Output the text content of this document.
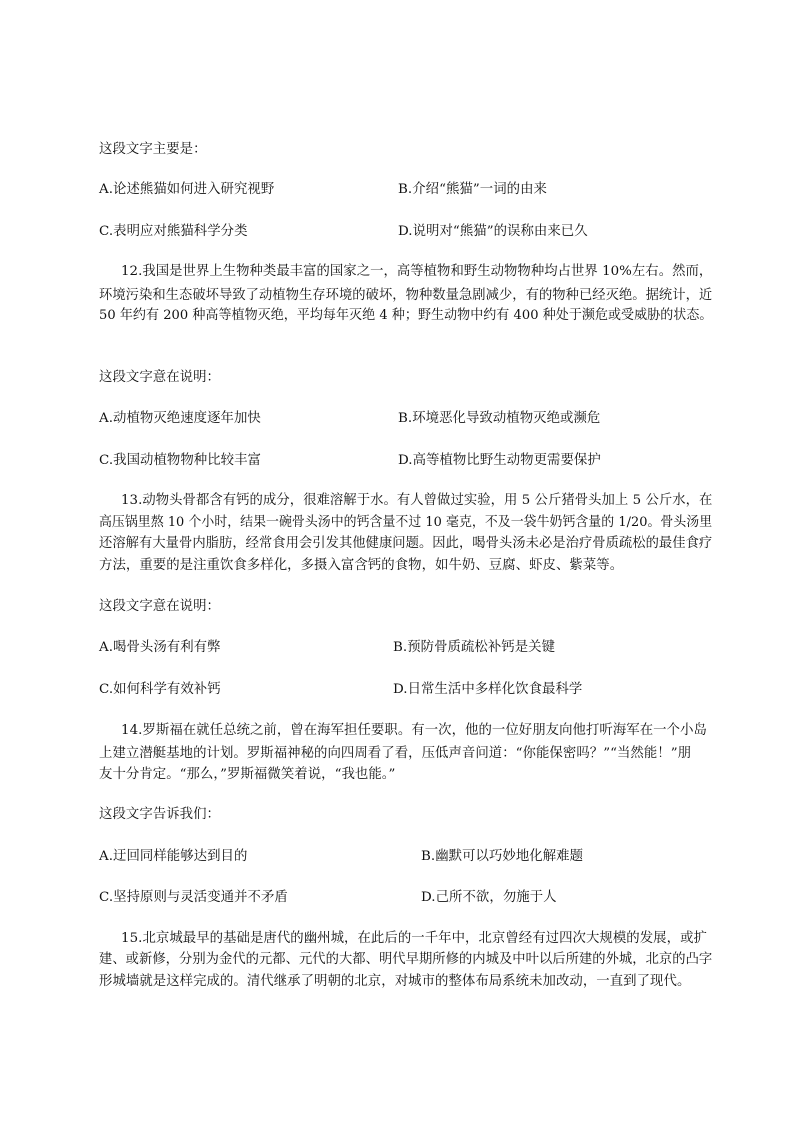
这段文字主要是：
A.论述熊猫如何进入研究视野	B.介绍“熊猫”一词的由来
C.表明应对熊猫科学分类	D.说明对“熊猫”的误称由来已久
12.我国是世界上生物种类最丰富的国家之一，高等植物和野生动物物种均占世界 10%左右。然而，
环境污染和生态破坏导致了动植物生存环境的破坏，物种数量急剧减少，有的物种已经灭绝。据统计，近
50 年约有 200 种高等植物灭绝，平均每年灭绝 4 种；野生动物中约有 400 种处于濒危或受威胁的状态。
这段文字意在说明：
A.动植物灭绝速度逐年加快	B.环境恶化导致动植物灭绝或濒危
C.我国动植物物种比较丰富	D.高等植物比野生动物更需要保护
13.动物头骨都含有钙的成分，很难溶解于水。有人曾做过实验，用 5 公斤猪骨头加上 5 公斤水，在
高压锅里熬 10 个小时，结果一碗骨头汤中的钙含量不过 10 毫克，不及一袋牛奶钙含量的 1/20。骨头汤里
还溶解有大量骨内脂肪，经常食用会引发其他健康问题。因此，喝骨头汤未必是治疗骨质疏松的最佳食疗
方法，重要的是注重饮食多样化，多摄入富含钙的食物，如牛奶、豆腐、虾皮、紫菜等。
这段文字意在说明：
A.喝骨头汤有利有弊	B.预防骨质疏松补钙是关键
C.如何科学有效补钙	D.日常生活中多样化饮食最科学
14.罗斯福在就任总统之前，曾在海军担任要职。有一次，他的一位好朋友向他打听海军在一个小岛
上建立潜艇基地的计划。罗斯福神秘的向四周看了看，压低声音问道：“你能保密吗？”“当然能！”朋
友十分肯定。“那么，”罗斯福微笑着说，“我也能。”
这段文字告诉我们：
A.迂回同样能够达到目的	B.幽默可以巧妙地化解难题
C.坚持原则与灵活变通并不矛盾	D.己所不欲，勿施于人
15.北京城最早的基础是唐代的幽州城，在此后的一千年中，北京曾经有过四次大规模的发展，或扩
建、或新修，分别为金代的元都、元代的大都、明代早期所修的内城及中叶以后所建的外城，北京的凸字
形城墙就是这样完成的。清代继承了明朝的北京，对城市的整体布局系统未加改动，一直到了现代。
